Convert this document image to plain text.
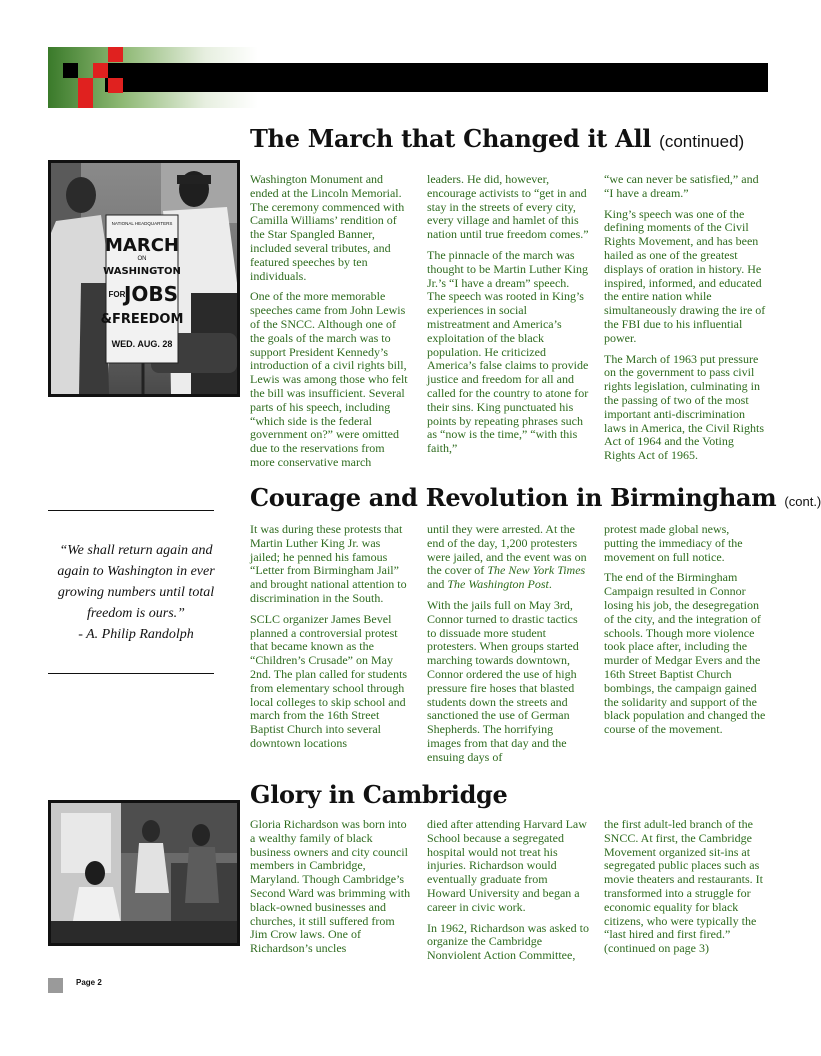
The March that Changed it All (continued)
NATIONAL HEADQUARTERS
MARCH
ON
WASHINGTON
FOR
JOBS
&FREEDOM
WED. AUG. 28

Washington Monument and ended at the Lincoln Memorial. The ceremony commenced with Camilla Williams’ rendition of the Star Spangled Banner, included several tributes, and featured speeches by ten individuals.

One of the more memorable speeches came from John Lewis of the SNCC. Although one of the goals of the march was to support President Kennedy’s introduction of a civil rights bill, Lewis was among those who felt the bill was insufficient. Several parts of his speech, including “which side is the federal government on?” were omitted due to the reservations from more conservative march

leaders. He did, however, encourage activists to “get in and stay in the streets of every city, every village and hamlet of this nation until true freedom comes.”

The pinnacle of the march was thought to be Martin Luther King Jr.’s “I have a dream” speech. The speech was rooted in King’s experiences in social mistreatment and America’s exploitation of the black population. He criticized America’s false claims to provide justice and freedom for all and called for the country to atone for their sins. King punctuated his points by repeating phrases such as “now is the time,” “with this faith,”

“we can never be satisfied,” and “I have a dream.”

King’s speech was one of the defining moments of the Civil Rights Movement, and has been hailed as one of the greatest displays of oration in history. He inspired, informed, and educated the entire nation while simultaneously drawing the ire of the FBI due to his influential power.

The March of 1963 put pressure on the government to pass civil rights legislation, culminating in the passing of two of the most important anti-discrimination laws in America, the Civil Rights Act of 1964 and the Voting Rights Act of 1965.

Courage and Revolution in Birmingham (cont.)

“We shall return again and again to Washington in ever growing numbers until total freedom is ours.”

- A. Philip Randolph

It was during these protests that Martin Luther King Jr. was jailed; he penned his famous “Letter from Birmingham Jail” and brought national attention to discrimination in the South.

SCLC organizer James Bevel planned a controversial protest that became known as the “Children’s Crusade” on May 2nd. The plan called for students from elementary school through local colleges to skip school and march from the 16th Street Baptist Church into several downtown locations

until they were arrested. At the end of the day, 1,200 protesters were jailed, and the event was on the cover of The New York Times and The Washington Post.

With the jails full on May 3rd, Connor turned to drastic tactics to dissuade more student protesters. When groups started marching towards downtown, Connor ordered the use of high pressure fire hoses that blasted students down the streets and sanctioned the use of German Shepherds. The horrifying images from that day and the ensuing days of

protest made global news, putting the immediacy of the movement on full notice.

The end of the Birmingham Campaign resulted in Connor losing his job, the desegregation of the city, and the integration of schools. Though more violence took place after, including the murder of Medgar Evers and the 16th Street Baptist Church bombings, the campaign gained the solidarity and support of the black population and changed the course of the movement.

Glory in Cambridge

Gloria Richardson was born into a wealthy family of black business owners and city council members in Cambridge, Maryland. Though Cambridge’s Second Ward was brimming with black-owned businesses and churches, it still suffered from Jim Crow laws. One of Richardson’s uncles

died after attending Harvard Law School because a segregated hospital would not treat his injuries. Richardson would eventually graduate from Howard University and began a career in civic work.

In 1962, Richardson was asked to organize the Cambridge Nonviolent Action Committee,

the first adult-led branch of the SNCC. At first, the Cambridge Movement organized sit-ins at segregated public places such as movie theaters and restaurants. It transformed into a struggle for economic equality for black citizens, who were typically the “last hired and first fired.” (continued on page 3)

Page 2
